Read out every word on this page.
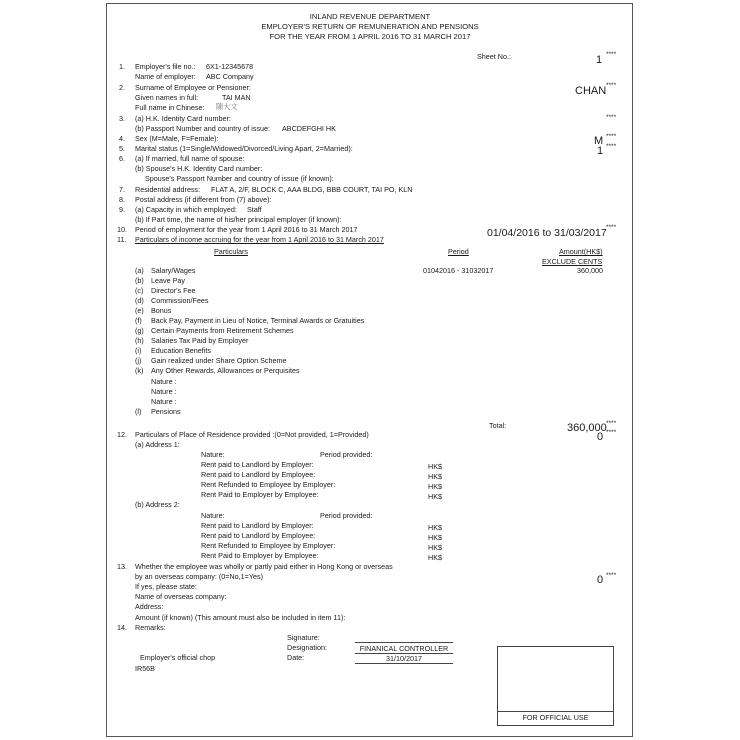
INLAND REVENUE DEPARTMENT
EMPLOYER'S RETURN OF REMUNERATION AND PENSIONS
FOR THE YEAR FROM 1 APRIL 2016 TO 31 MARCH 2017
Sheet No.:	1 ****
1. Employer's file no.: 6X1-12345678
Name of employer: ABC Company
2. Surname of Employee or Pensioner:	CHAN ****
Given names in full:	TAI MAN
Full name in Chinese: 陳大文
3. (a) H.K. Identity Card number:	****
(b) Passport Number and country of issue: ABCDEFGHI HK
4. Sex (M=Male, F=Female):	M ****
5. Marital status (1=Single/Widowed/Divorced/Living Apart, 2=Married):	1 ****
6. (a) If married, full name of spouse:
(b) Spouse's H.K. Identity Card number:
Spouse's Passport Number and country of issue (if known):
7. Residential address: FLAT A, 2/F, BLOCK C, AAA BLDG, BBB COURT, TAI PO, KLN
8. Postal address (if different from (7) above):
9. (a) Capacity in which employed: Staff
(b) If Part time, the name of his/her principal employer (if known):
10. Period of employment for the year from 1 April 2016 to 31 March 2017	01/04/2016 to 31/03/2017 ****
11. Particulars of income accruing for the year from 1 April 2016 to 31 March 2017
Particulars	Period	Amount(HK$)
EXCLUDE CENTS
(a) Salary/Wages	01042016 - 31032017	360,000
(b) Leave Pay
(c) Director's Fee
(d) Commission/Fees
(e) Bonus
(f) Back Pay, Payment in Lieu of Notice, Terminal Awards or Gratuities
(g) Certain Payments from Retirement Schemes
(h) Salaries Tax Paid by Employer
(i) Education Benefits
(j) Gain realized under Share Option Scheme
(k) Any Other Rewards, Allowances or Perquisites
Nature :
Nature :
Nature :
(l) Pensions
Total:	360,000 ****
12. Particulars of Place of Residence provided :(0=Not provided, 1=Provided)	0 ****
(a) Address 1:
Nature:	Period provided:
Rent paid to Landlord by Employer:	HK$
Rent paid to Landlord by Employee:	HK$
Rent Refunded to Employee by Employer:	HK$
Rent Paid to Employer by Employee:	HK$
(b) Address 2:
Nature:	Period provided:
Rent paid to Landlord by Employer:	HK$
Rent paid to Landlord by Employee:	HK$
Rent Refunded to Employee by Employer:	HK$
Rent Paid to Employer by Employee:	HK$
13. Whether the employee was wholly or partly paid either in Hong Kong or overseas
by an overseas company: (0=No,1=Yes)	0 ****
If yes, please state:
Name of overseas company:
Address:
Amount (if known) (This amount must also be included in item 11):
14. Remarks:
Signature:
Designation:	FINANICAL CONTROLLER
Date:	31/10/2017
Employer's official chop
IR56B
FOR OFFICIAL USE
